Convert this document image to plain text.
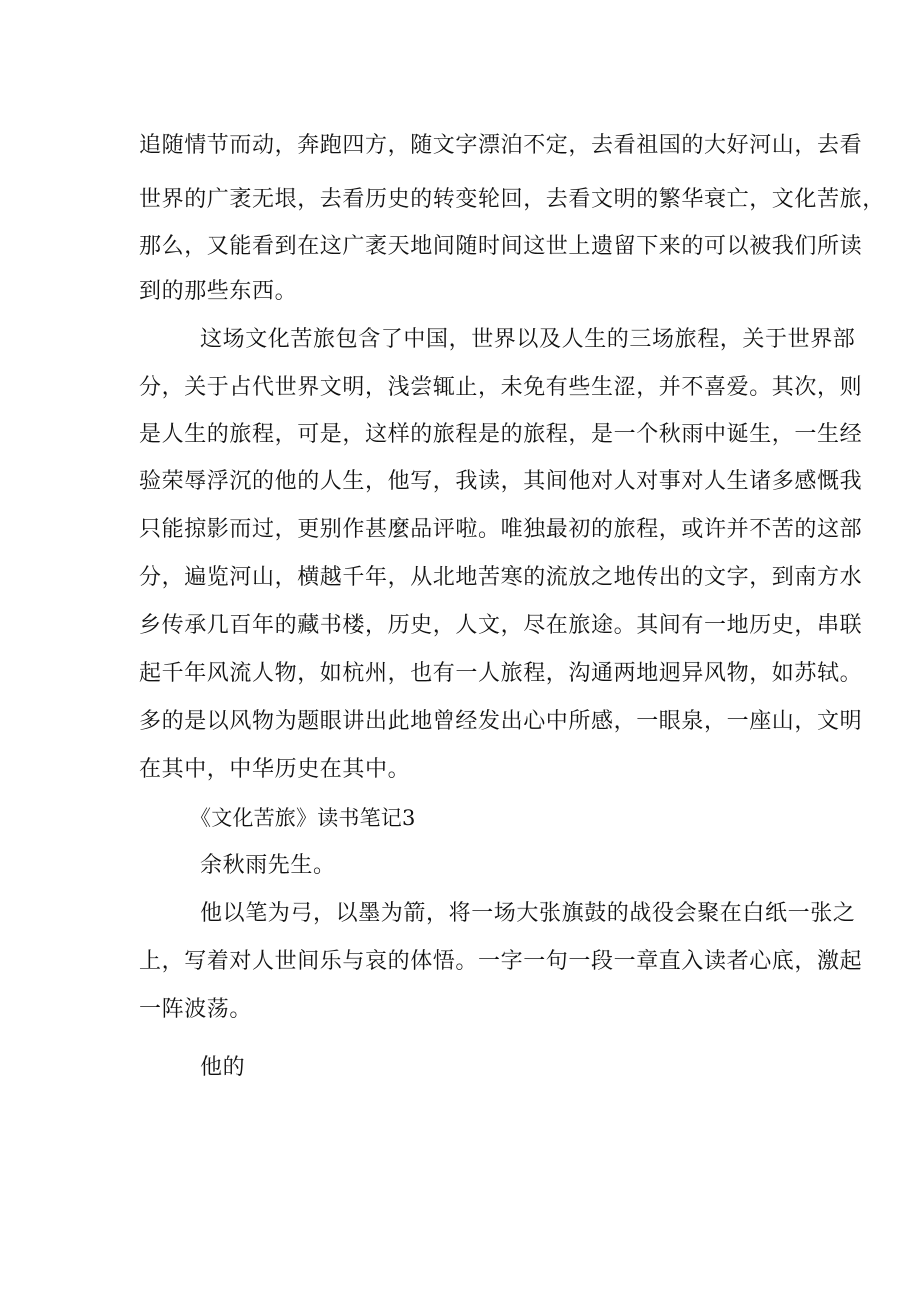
追随情节而动，奔跑四方，随文字漂泊不定，去看祖国的大好河山，去看
世界的广袤无垠，去看历史的转变轮回，去看文明的繁华衰亡，文化苦旅，
那么，又能看到在这广袤天地间随时间这世上遗留下来的可以被我们所读
到的那些东西。
这场文化苦旅包含了中国，世界以及人生的三场旅程，关于世界部
分，关于占代世界文明，浅尝辄止，未免有些生涩，并不喜爱。其次，则
是人生的旅程，可是，这样的旅程是的旅程，是一个秋雨中诞生，一生经
验荣辱浮沉的他的人生，他写，我读，其间他对人对事对人生诸多感慨我
只能掠影而过，更别作甚麼品评啦。唯独最初的旅程，或许并不苦的这部
分，遍览河山，横越千年，从北地苦寒的流放之地传出的文字，到南方水
乡传承几百年的藏书楼，历史，人文，尽在旅途。其间有一地历史，串联
起千年风流人物，如杭州，也有一人旅程，沟通两地迥异风物，如苏轼。
多的是以风物为题眼讲出此地曾经发出心中所感，一眼泉，一座山，文明
在其中，中华历史在其中。
《文化苦旅》读书笔记3
余秋雨先生。
他以笔为弓，以墨为箭，将一场大张旗鼓的战役会聚在白纸一张之
上，写着对人世间乐与哀的体悟。一字一句一段一章直入读者心底，激起
一阵波荡。
他的
